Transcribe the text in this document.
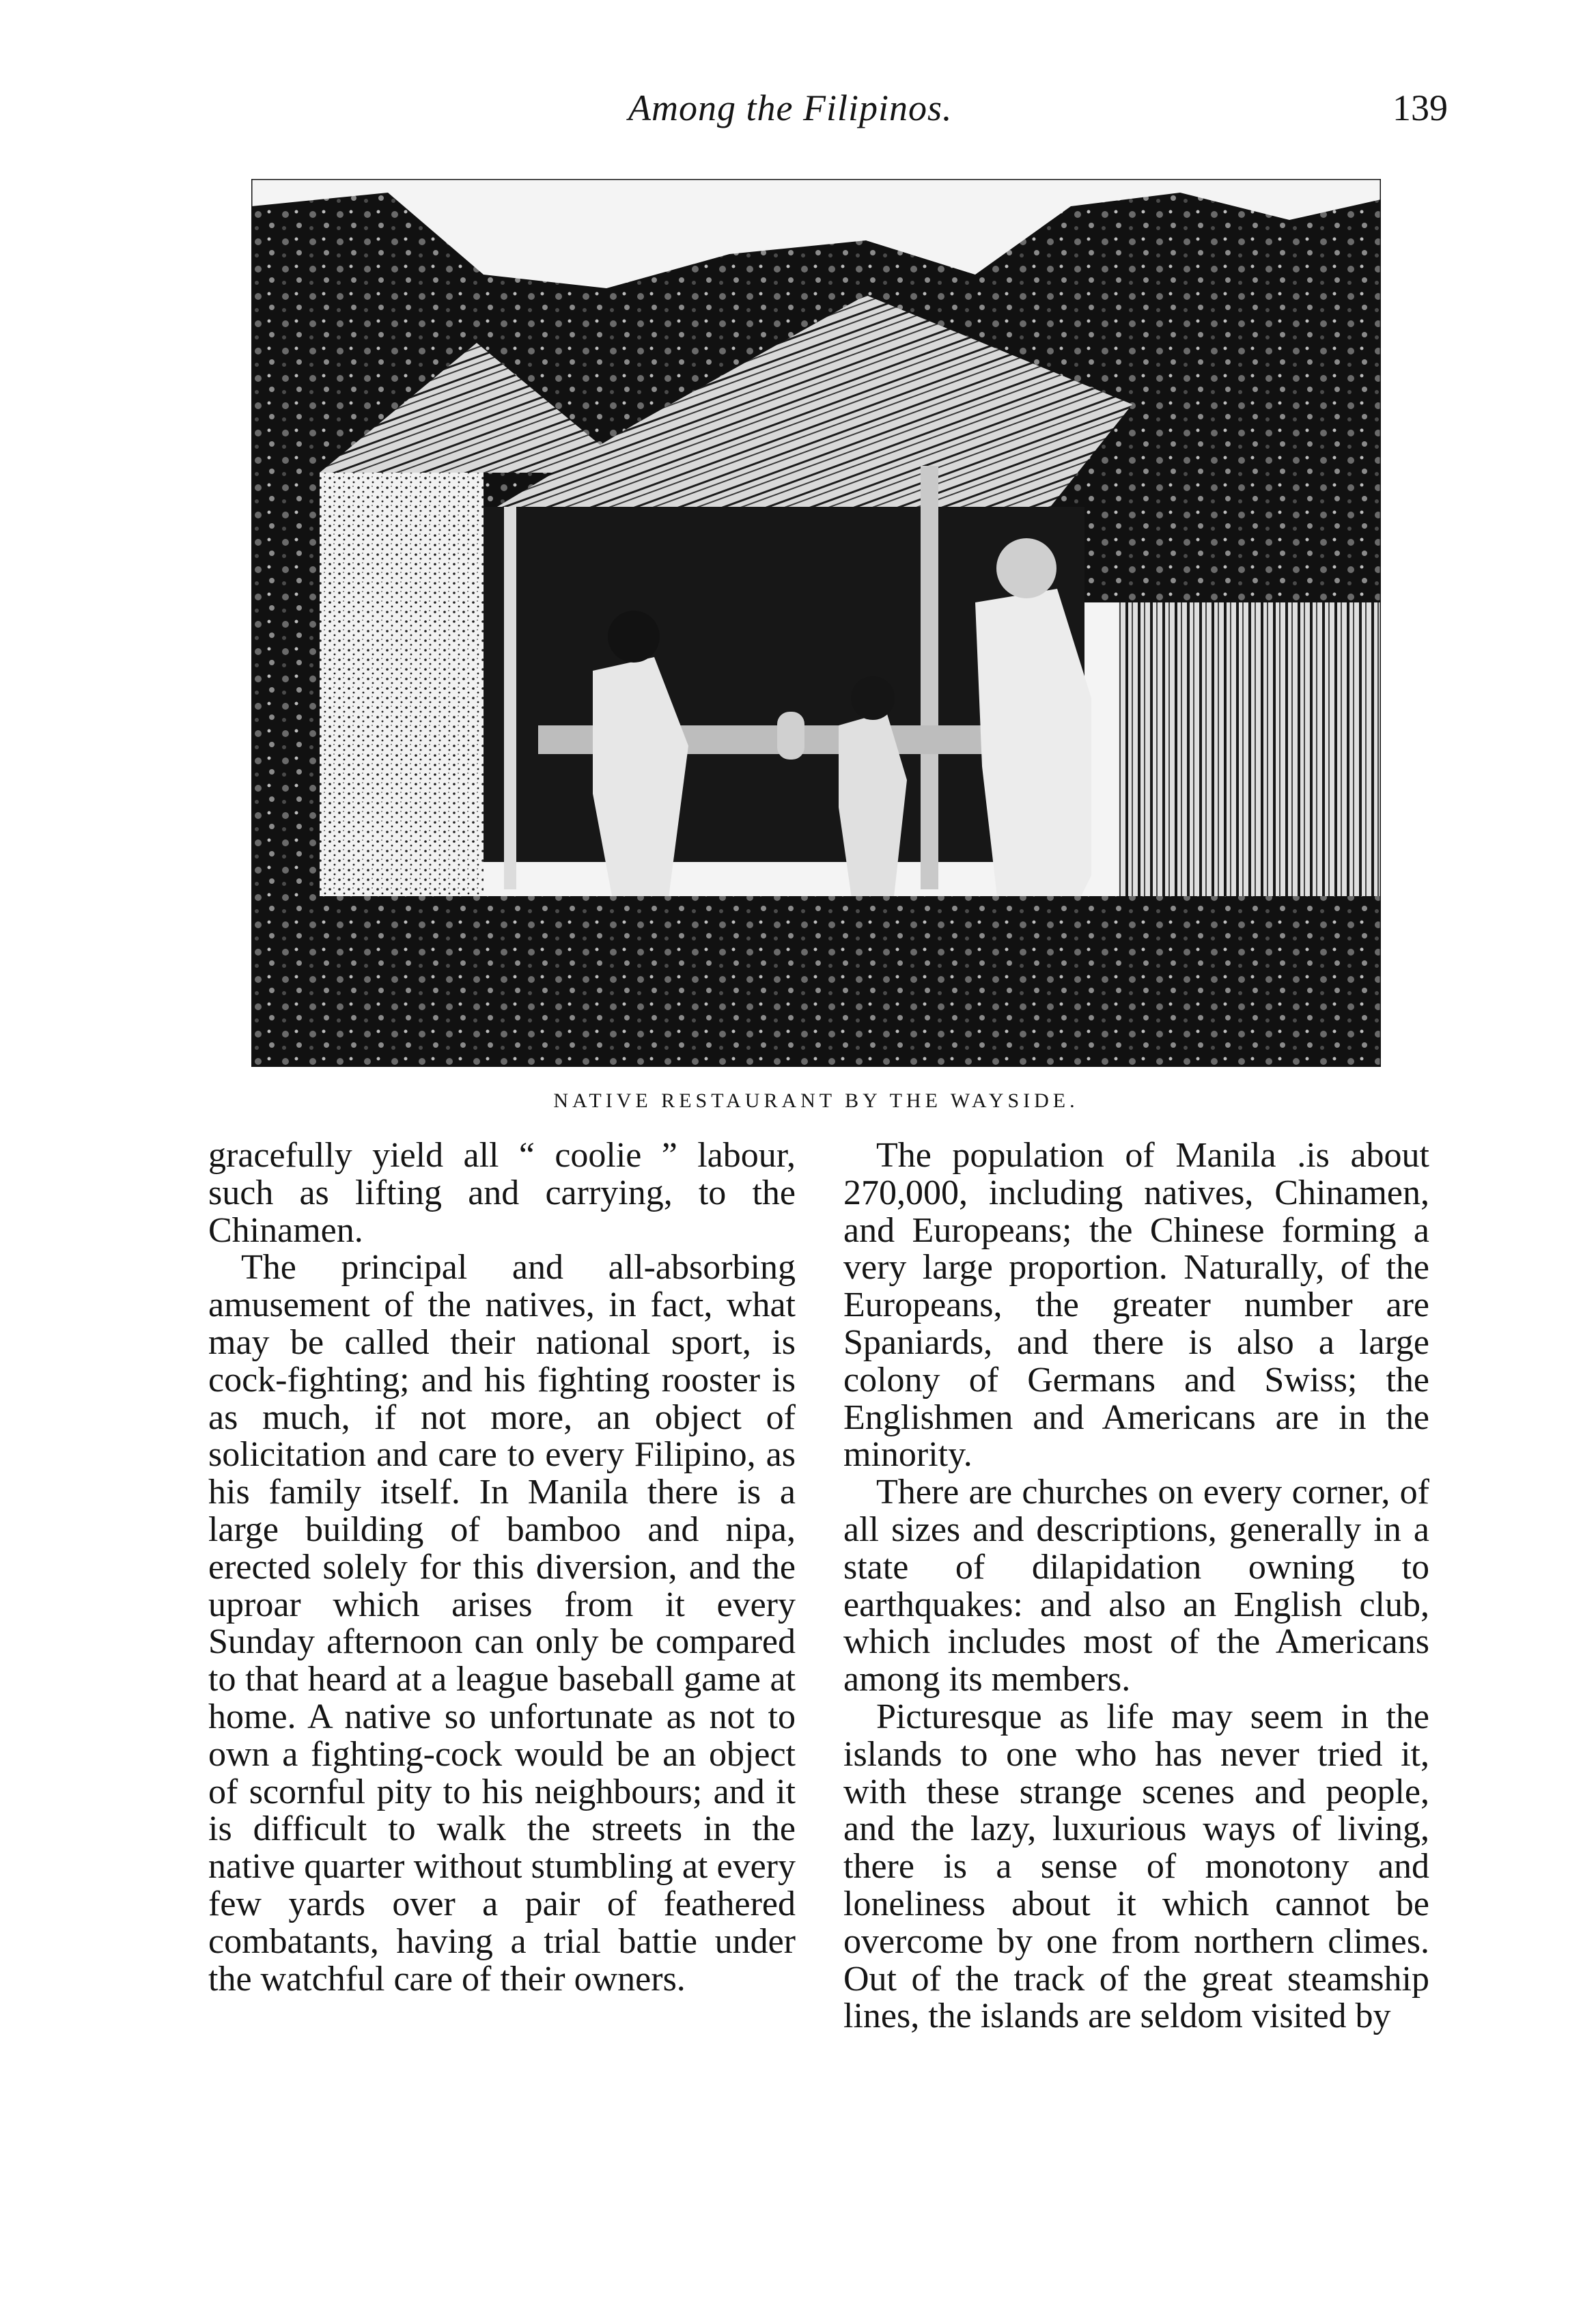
Among the Filipinos.	139
NATIVE RESTAURANT BY THE WAYSIDE.

gracefully yield all “ coolie ” labour, such as lifting and carrying, to the Chinamen.

The principal and all-absorbing amusement of the natives, in fact, what may be called their national sport, is cock-fighting; and his fighting rooster is as much, if not more, an object of solicitation and care to every Filipino, as his family itself. In Manila there is a large building of bamboo and nipa, erected solely for this diversion, and the uproar which arises from it every Sunday afternoon can only be compared to that heard at a league baseball game at home. A native so unfortunate as not to own a fighting-cock would be an object of scornful pity to his neighbours; and it is difficult to walk the streets in the native quarter without stumbling at every few yards over a pair of feathered combatants, having a trial battie under the watchful care of their owners.

The population of Manila .is about 270,000, including natives, Chinamen, and Europeans; the Chinese forming a very large proportion. Naturally, of the Europeans, the greater number are Spaniards, and there is also a large colony of Germans and Swiss; the Englishmen and Americans are in the minority.

There are churches on every corner, of all sizes and descriptions, generally in a state of dilapidation owning to earthquakes: and also an English club, which includes most of the Americans among its members.

Picturesque as life may seem in the islands to one who has never tried it, with these strange scenes and people, and the lazy, luxurious ways of living, there is a sense of monotony and loneliness about it which cannot be overcome by one from northern climes. Out of the track of the great steamship lines, the islands are seldom visited by
